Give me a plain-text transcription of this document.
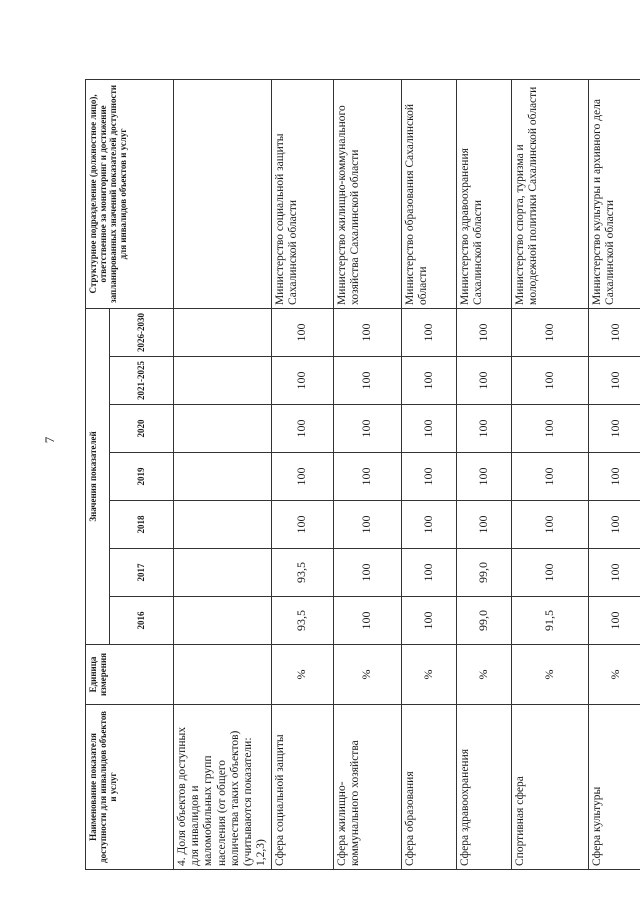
7
Наименование показателя доступности для инвалидов объектов и услуг	Единица измерения	Значения показателей							Структурное подразделение (должностное лицо), ответственное за мониторинг и достижение запланированных значений показателей доступности для инвалидов объектов и услуг
		2016	2017	2018	2019	2020	2021-2025	2026-2030	
4. Доля объектов доступных для инвалидов и маломобильных групп населения (от общего количества таких объектов) (учитываются показатели: 1,2,3)									
Сфера социальной защиты	%	93,5	93,5	100	100	100	100	100	Министерство социальной защиты Сахалинской области
Сфера жилищно-коммунального хозяйства	%	100	100	100	100	100	100	100	Министерство жилищно-коммунального хозяйства Сахалинской области
Сфера образования	%	100	100	100	100	100	100	100	Министерство образования Сахалинской области
Сфера здравоохранения	%	99,0	99,0	100	100	100	100	100	Министерство здравоохранения Сахалинской области
Спортивная сфера	%	91,5	100	100	100	100	100	100	Министерство спорта, туризма и молодежной политики Сахалинской области
Сфера культуры	%	100	100	100	100	100	100	100	Министерство культуры и архивного дела Сахалинской области
